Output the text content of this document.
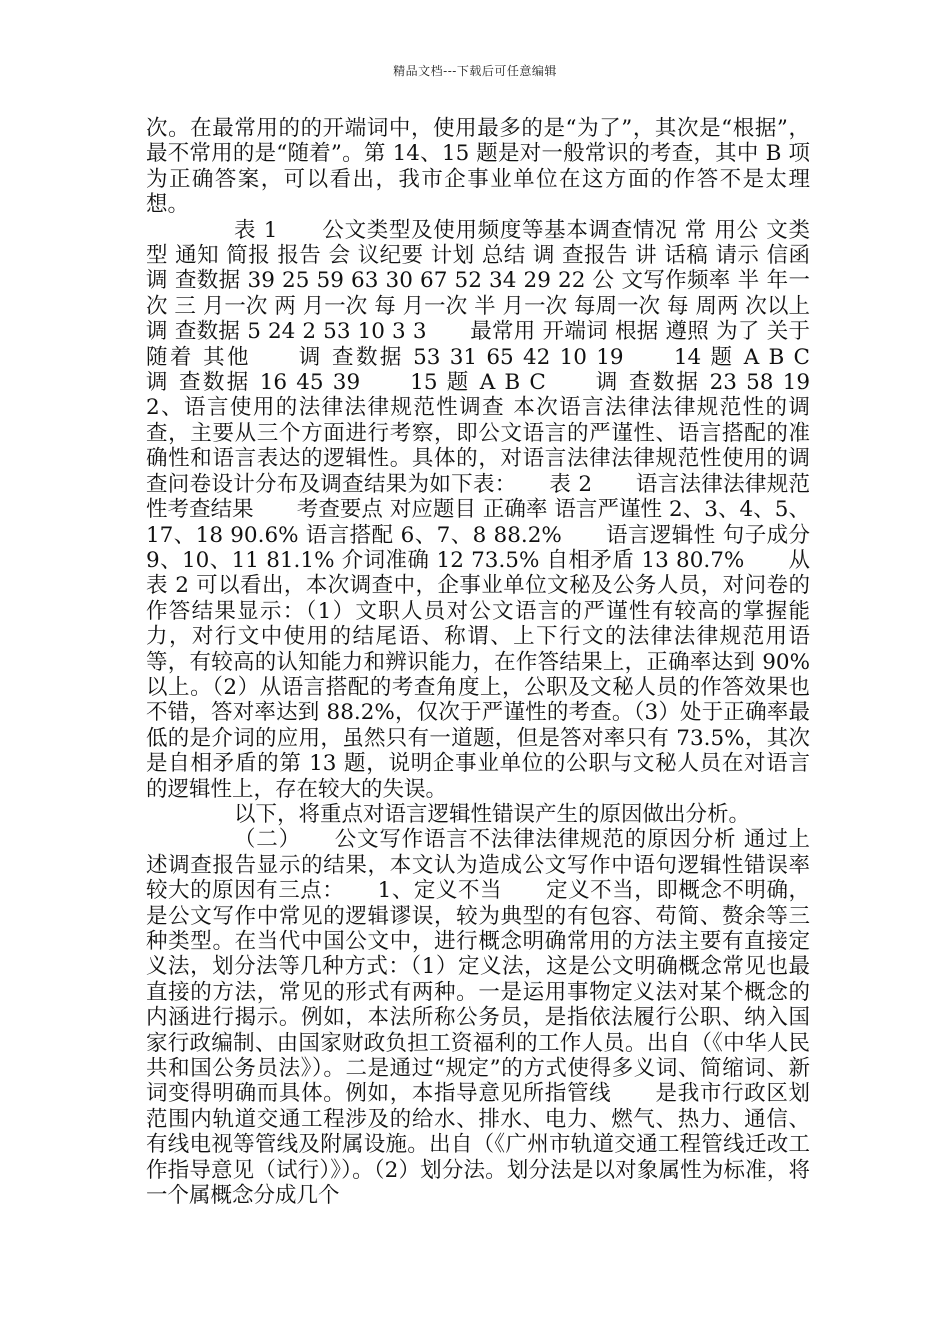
精品文档---下载后可任意编辑

次。在最常用的的开端词中，使用最多的是“为了”，其次是“根据”，最不常用的是“随着”。第 14、15 题是对一般常识的考查，其中 B 项为正确答案，可以看出，我市企事业单位在这方面的作答不是太理想。

表 1　　公文类型及使用频度等基本调查情况 常 用公 文类型 通知 简报 报告 会 议纪要 计划 总结 调 查报告 讲 话稿 请示 信函 调 查数据 39 25 59 63 30 67 52 34 29 22 公 文写作频率 半 年一次 三 月一次 两 月一次 每 月一次 半 月一次 每周一次 每 周两 次以上　　调 查数据 5 24 2 53 10 3 3　　最常用 开端词 根据 遵照 为了 关于 随着 其他　　调 查数据 53 31 65 42 10 19　　14 题 A B C　　调 查数据 16 45 39　　15 题 A B C　　调 查数据 23 58 19　　2、语言使用的法律法律规范性调查 本次语言法律法律规范性的调查，主要从三个方面进行考察，即公文语言的严谨性、语言搭配的准确性和语言表达的逻辑性。具体的，对语言法律法律规范性使用的调查问卷设计分布及调查结果为如下表：　　表 2　　语言法律法律规范性考查结果　　考查要点 对应题目 正确率 语言严谨性 2、3、4、5、17、18 90.6% 语言搭配 6、7、8 88.2%　　语言逻辑性 句子成分 9、10、11 81.1% 介词准确 12 73.5% 自相矛盾 13 80.7%　　从表 2 可以看出，本次调查中，企事业单位文秘及公务人员，对问卷的作答结果显示：（1）文职人员对公文语言的严谨性有较高的掌握能力，对行文中使用的结尾语、称谓、上下行文的法律法律规范用语等，有较高的认知能力和辨识能力，在作答结果上，正确率达到 90%以上。（2）从语言搭配的考查角度上，公职及文秘人员的作答效果也不错，答对率达到 88.2%，仅次于严谨性的考查。（3）处于正确率最低的是介词的应用，虽然只有一道题，但是答对率只有 73.5%，其次是自相矛盾的第 13 题，说明企事业单位的公职与文秘人员在对语言的逻辑性上，存在较大的失误。

以下，将重点对语言逻辑性错误产生的原因做出分析。

（二）　　公文写作语言不法律法律规范的原因分析 通过上述调查报告显示的结果，本文认为造成公文写作中语句逻辑性错误率较大的原因有三点：　　1、定义不当　　定义不当，即概念不明确，是公文写作中常见的逻辑谬误，较为典型的有包容、苟简、赘余等三种类型。在当代中国公文中，进行概念明确常用的方法主要有直接定义法，划分法等几种方式：（1）定义法，这是公文明确概念常见也最直接的方法，常见的形式有两种。一是运用事物定义法对某个概念的内涵进行揭示。例如，本法所称公务员，是指依法履行公职、纳入国家行政编制、由国家财政负担工资福利的工作人员。出自（《中华人民共和国公务员法》）。二是通过“规定”的方式使得多义词、简缩词、新词变得明确而具体。例如，本指导意见所指管线　　是我市行政区划范围内轨道交通工程涉及的给水、排水、电力、燃气、热力、通信、有线电视等管线及附属设施。出自（《广州市轨道交通工程管线迁改工作指导意见（试行）》）。（2）划分法。划分法是以对象属性为标准，将一个属概念分成几个
